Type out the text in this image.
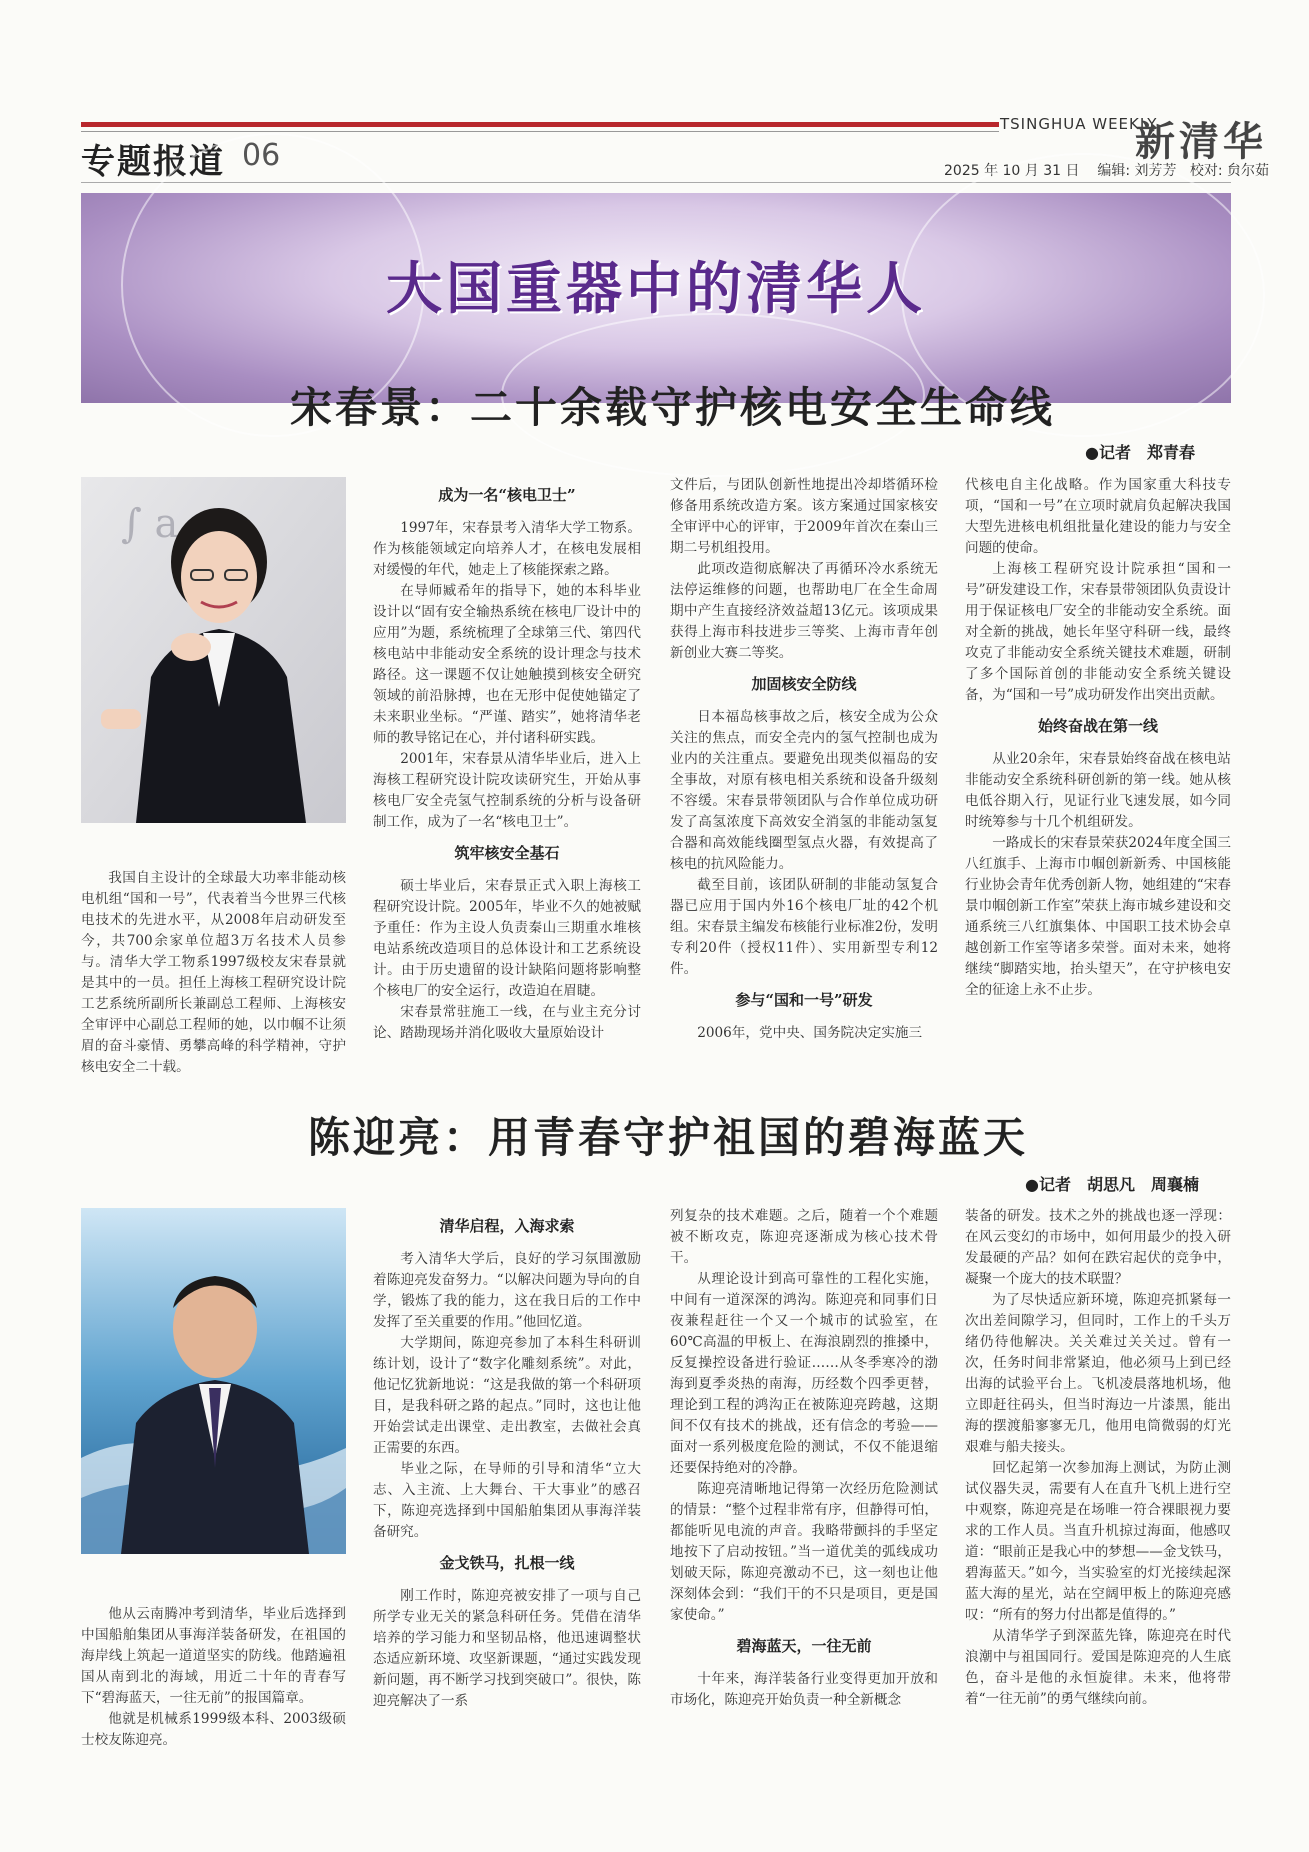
专题报道 06
TSINGHUA WEEKLY
新清华
2025 年 10 月 31 日 编辑: 刘芳芳 校对: 贠尔茹
大国重器中的清华人
宋春景：二十余载守护核电安全生命线
●记者　郑青春
∫ a

我国自主设计的全球最大功率非能动核电机组“国和一号”，代表着当今世界三代核电技术的先进水平，从2008年启动研发至今，共700余家单位超3万名技术人员参与。清华大学工物系1997级校友宋春景就是其中的一员。担任上海核工程研究设计院工艺系统所副所长兼副总工程师、上海核安全审评中心副总工程师的她，以巾帼不让须眉的奋斗豪情、勇攀高峰的科学精神，守护核电安全二十载。

成为一名“核电卫士”

1997年，宋春景考入清华大学工物系。作为核能领域定向培养人才，在核电发展相对缓慢的年代，她走上了核能探索之路。

在导师臧希年的指导下，她的本科毕业设计以“固有安全输热系统在核电厂设计中的应用”为题，系统梳理了全球第三代、第四代核电站中非能动安全系统的设计理念与技术路径。这一课题不仅让她触摸到核安全研究领域的前沿脉搏，也在无形中促使她锚定了未来职业坐标。“严谨、踏实”，她将清华老师的教导铭记在心，并付诸科研实践。

2001年，宋春景从清华毕业后，进入上海核工程研究设计院攻读研究生，开始从事核电厂安全壳氢气控制系统的分析与设备研制工作，成为了一名“核电卫士”。

筑牢核安全基石

硕士毕业后，宋春景正式入职上海核工程研究设计院。2005年，毕业不久的她被赋予重任：作为主设人负责秦山三期重水堆核电站系统改造项目的总体设计和工艺系统设计。由于历史遗留的设计缺陷问题将影响整个核电厂的安全运行，改造迫在眉睫。

宋春景常驻施工一线，在与业主充分讨论、踏勘现场并消化吸收大量原始设计

文件后，与团队创新性地提出冷却塔循环检修备用系统改造方案。该方案通过国家核安全审评中心的评审，于2009年首次在秦山三期二号机组投用。

此项改造彻底解决了再循环冷水系统无法停运维修的问题，也帮助电厂在全生命周期中产生直接经济效益超13亿元。该项成果获得上海市科技进步三等奖、上海市青年创新创业大赛二等奖。

加固核安全防线

日本福岛核事故之后，核安全成为公众关注的焦点，而安全壳内的氢气控制也成为业内的关注重点。要避免出现类似福岛的安全事故，对原有核电相关系统和设备升级刻不容缓。宋春景带领团队与合作单位成功研发了高氢浓度下高效安全消氢的非能动氢复合器和高效能线圈型氢点火器，有效提高了核电的抗风险能力。

截至目前，该团队研制的非能动氢复合器已应用于国内外16个核电厂址的42个机组。宋春景主编发布核能行业标准2份，发明专利20件（授权11件）、实用新型专利12件。

参与“国和一号”研发

2006年，党中央、国务院决定实施三

代核电自主化战略。作为国家重大科技专项，“国和一号”在立项时就肩负起解决我国大型先进核电机组批量化建设的能力与安全问题的使命。

上海核工程研究设计院承担“国和一号”研发建设工作，宋春景带领团队负责设计用于保证核电厂安全的非能动安全系统。面对全新的挑战，她长年坚守科研一线，最终攻克了非能动安全系统关键技术难题，研制了多个国际首创的非能动安全系统关键设备，为“国和一号”成功研发作出突出贡献。

始终奋战在第一线

从业20余年，宋春景始终奋战在核电站非能动安全系统科研创新的第一线。她从核电低谷期入行，见证行业飞速发展，如今同时统筹参与十几个机组研发。

一路成长的宋春景荣获2024年度全国三八红旗手、上海市巾帼创新新秀、中国核能行业协会青年优秀创新人物，她组建的“宋春景巾帼创新工作室”荣获上海市城乡建设和交通系统三八红旗集体、中国职工技术协会卓越创新工作室等诸多荣誉。面对未来，她将继续“脚踏实地，抬头望天”，在守护核电安全的征途上永不止步。

陈迎亮：用青春守护祖国的碧海蓝天
●记者　胡思凡　周襄楠

他从云南腾冲考到清华，毕业后选择到中国船舶集团从事海洋装备研发，在祖国的海岸线上筑起一道道坚实的防线。他踏遍祖国从南到北的海域，用近二十年的青春写下“碧海蓝天，一往无前”的报国篇章。

他就是机械系1999级本科、2003级硕士校友陈迎亮。

清华启程，入海求索

考入清华大学后，良好的学习氛围激励着陈迎亮发奋努力。“以解决问题为导向的自学，锻炼了我的能力，这在我日后的工作中发挥了至关重要的作用。”他回忆道。

大学期间，陈迎亮参加了本科生科研训练计划，设计了“数字化雕刻系统”。对此，他记忆犹新地说：“这是我做的第一个科研项目，是我科研之路的起点。”同时，这也让他开始尝试走出课堂、走出教室，去做社会真正需要的东西。

毕业之际，在导师的引导和清华“立大志、入主流、上大舞台、干大事业”的感召下，陈迎亮选择到中国船舶集团从事海洋装备研究。

金戈铁马，扎根一线

刚工作时，陈迎亮被安排了一项与自己所学专业无关的紧急科研任务。凭借在清华培养的学习能力和坚韧品格，他迅速调整状态适应新环境、攻坚新课题，“通过实践发现新问题，再不断学习找到突破口”。很快，陈迎亮解决了一系

列复杂的技术难题。之后，随着一个个难题被不断攻克，陈迎亮逐渐成为核心技术骨干。

从理论设计到高可靠性的工程化实施，中间有一道深深的鸿沟。陈迎亮和同事们日夜兼程赶往一个又一个城市的试验室，在60℃高温的甲板上、在海浪剧烈的推搡中，反复操控设备进行验证……从冬季寒冷的渤海到夏季炎热的南海，历经数个四季更替，理论到工程的鸿沟正在被陈迎亮跨越，这期间不仅有技术的挑战，还有信念的考验——面对一系列极度危险的测试，不仅不能退缩还要保持绝对的冷静。

陈迎亮清晰地记得第一次经历危险测试的情景：“整个过程非常有序，但静得可怕，都能听见电流的声音。我略带颤抖的手坚定地按下了启动按钮。”当一道优美的弧线成功划破天际，陈迎亮激动不已，这一刻也让他深刻体会到：“我们干的不只是项目，更是国家使命。”

碧海蓝天，一往无前

十年来，海洋装备行业变得更加开放和市场化，陈迎亮开始负责一种全新概念

装备的研发。技术之外的挑战也逐一浮现：在风云变幻的市场中，如何用最少的投入研发最硬的产品？如何在跌宕起伏的竞争中，凝聚一个庞大的技术联盟？

为了尽快适应新环境，陈迎亮抓紧每一次出差间隙学习，但同时，工作上的千头万绪仍待他解决。关关难过关关过。曾有一次，任务时间非常紧迫，他必须马上到已经出海的试验平台上。飞机凌晨落地机场，他立即赶往码头，但当时海边一片漆黑，能出海的摆渡船寥寥无几，他用电筒微弱的灯光艰难与船夫接头。

回忆起第一次参加海上测试，为防止测试仪器失灵，需要有人在直升飞机上进行空中观察，陈迎亮是在场唯一符合裸眼视力要求的工作人员。当直升机掠过海面，他感叹道：“眼前正是我心中的梦想——金戈铁马，碧海蓝天。”如今，当实验室的灯光接续起深蓝大海的星光，站在空阔甲板上的陈迎亮感叹：“所有的努力付出都是值得的。”

从清华学子到深蓝先锋，陈迎亮在时代浪潮中与祖国同行。爱国是陈迎亮的人生底色，奋斗是他的永恒旋律。未来，他将带着“一往无前”的勇气继续向前。
